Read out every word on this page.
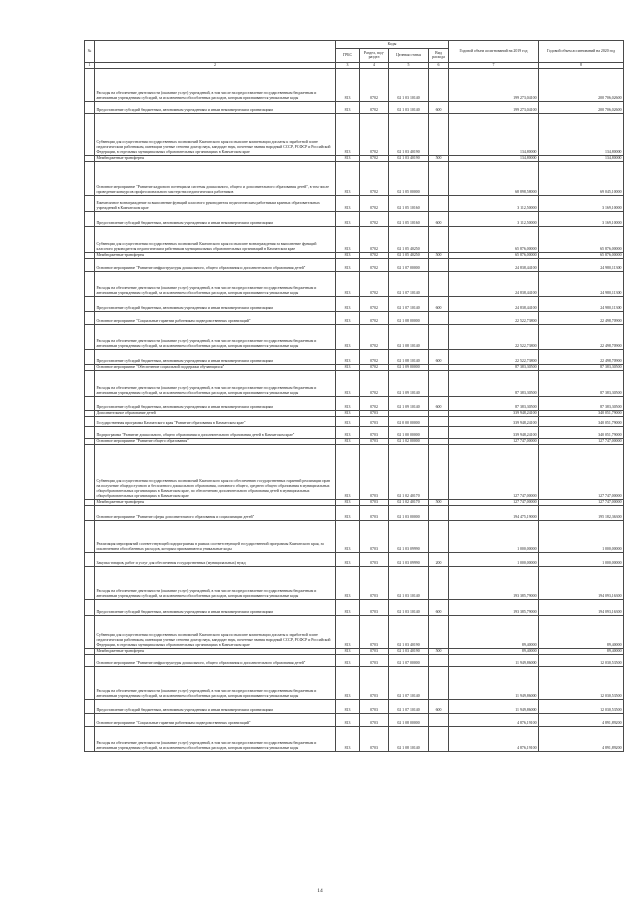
№		Коды				Годовой объем ассигнований на 2019 год	Годовой объем ассигнований на 2020 год
		ГРБС	Раздел, под-раздел	Целевая статья	Вид расхода		
1	2	3	4	5	6	7	8
	Расходы на обеспечение деятельности (оказание услуг) учреждений, в том числе на предоставление государственным бюджетным и автономным учреждениям субсидий, за исключением обособленных расходов, которым присваиваются уникальные коды	813	0702	02 1 03 10140		199 273,04100	200 706,02600
	Предоставление субсидий бюджетным, автономным учреждениям и иным некоммерческим организациям	813	0702	02 1 03 10140	600	199 273,04100	200 706,02600
	Субвенции для осуществления государственных полномочий Камчатского края по выплате компенсации доплаты к заработной плате педагогическим работникам, имеющим ученые степени доктор наук, кандидат наук, почетные звания народный СССР, РСФСР и Российской Федерации, в отдельных муниципальных образовательных организациях в Камчатском крае	813	0702	02 1 03 40190		134,80000	134,80000
	Межбюджетные трансферты	813	0702	02 1 03 40190	500	134,80000	134,80000
	Основное мероприятие "Развитие кадрового потенциала системы дошкольного, общего и дополнительного образования детей", в том числе проведение конкурсов профессионального мастерства педагогических работников	813	0702	02 1 05 00000		68 898,58000	69 045,10000
	Ежемесячное вознаграждение за выполнение функций классного руководителя педагогическим работникам краевых образовательных учреждений в Камчатском крае	813	0702	02 1 05 10160		3 112,50000	3 169,10000
	Предоставление субсидий бюджетным, автономным учреждениям и иным некоммерческим организациям	813	0702	02 1 05 10160	600	3 112,50000	3 169,10000
	Субвенции для осуществления государственных полномочий Камчатского края по выплате вознаграждения за выполнение функций классного руководителя педагогическим работникам муниципальных образовательных организаций в Камчатском крае	813	0702	02 1 05 40250		65 876,00000	65 876,00000
	Межбюджетные трансферты	813	0702	02 1 05 40250	500	65 876,00000	65 876,00000
	Основное мероприятие "Развитие инфраструктуры дошкольного, общего образования и дополнительного образования детей"	813	0702	02 1 07 00000		24 838,44100	24 980,11300
	Расходы на обеспечение деятельности (оказание услуг) учреждений, в том числе на предоставление государственным бюджетным и автономным учреждениям субсидий, за исключением обособленных расходов, которым присваиваются уникальные коды	813	0702	02 1 07 10140		24 838,44100	24 980,11300
	Предоставление субсидий бюджетным, автономным учреждениям и иным некоммерческим организациям	813	0702	02 1 07 10140	600	24 838,44100	24 980,11300
	Основное мероприятие "Социальные гарантии работникам подведомственных организаций"	813	0702	02 1 08 00000		22 522,73800	22 498,70900
	Расходы на обеспечение деятельности (оказание услуг) учреждений, в том числе на предоставление государственным бюджетным и автономным учреждениям субсидий, за исключением обособленных расходов, которым присваиваются уникальные коды	813	0702	02 1 08 10140		22 522,73800	22 498,70900
	Предоставление субсидий бюджетным, автономным учреждениям и иным некоммерческим организациям	813	0702	02 1 08 10140	600	22 522,73800	22 498,70900
	Основное мероприятие "Обеспечение социальной поддержки обучающихся"	813	0702	02 1 09 00000		87 383,30500	87 383,30500
	Расходы на обеспечение деятельности (оказание услуг) учреждений, в том числе на предоставление государственным бюджетным и автономным учреждениям субсидий, за исключением обособленных расходов, которым присваиваются уникальные коды	813	0702	02 1 09 10140		87 383,30500	87 383,30500
	Предоставление субсидий бюджетным, автономным учреждениям и иным некоммерческим организациям	813	0702	02 1 09 10140	600	87 383,30500	87 383,30500
	Дополнительное образование детей	813	0703			339 948,24100	340 051,79000
	Государственная программа Камчатского края "Развитие образования в Камчатском крае"	813	0703	02 0 00 00000		339 948,24100	340 051,79000
	Подпрограмма "Развитие дошкольного, общего образования и дополнительного образования детей в Камчатском крае"	813	0703	02 1 00 00000		339 948,24100	340 051,79000
	Основное мероприятие "Развитие общего образования"	813	0703	02 1 02 00000		127 747,00000	127 747,00000
	Субвенции для осуществления государственных полномочий Камчатского края по обеспечению государственных гарантий реализации прав на получение общедоступного и бесплатного дошкольного образования, основного общего, среднего общего образования в муниципальных общеобразовательных организациях в Камчатском крае, по обеспечению дополнительного образования детей в муниципальных общеобразовательных организациях в Камчатском крае	813	0703	02 1 02 40170		127 747,00000	127 747,00000
	Межбюджетные трансферты	813	0703	02 1 02 40170	500	127 747,00000	127 747,00000
	Основное мероприятие "Развитие сферы дополнительного образования и социализации детей"	813	0703	02 1 03 00000		194 475,19000	195 182,36300
	Реализация мероприятий соответствующей подпрограммы в рамках соответствующей государственной программы Камчатского края, за исключением обособленных расходов, которым присваиваются уникальные коды	813	0703	02 1 03 09990		1 000,00000	1 000,00000
	Закупка товаров, работ и услуг для обеспечения государственных (муниципальных) нужд	813	0703	02 1 03 09990	200	1 000,00000	1 000,00000
	Расходы на обеспечение деятельности (оказание услуг) учреждений, в том числе на предоставление государственным бюджетным и автономным учреждениям субсидий, за исключением обособленных расходов, которым присваиваются уникальные коды	813	0703	02 1 03 10140		193 385,79000	194 093,16300
	Предоставление субсидий бюджетным, автономным учреждениям и иным некоммерческим организациям	813	0703	02 1 03 10140	600	193 385,79000	194 093,16300
	Субвенции для осуществления государственных полномочий Камчатского края по выплате компенсации доплаты к заработной плате педагогическим работникам, имеющим ученые степени доктор наук, кандидат наук, почетные звания народный СССР, РСФСР и Российской Федерации, в отдельных муниципальных образовательных организациях в Камчатском крае	813	0703	02 1 03 40190		89,40000	89,40000
	Межбюджетные трансферты	813	0703	02 1 03 40190	500	89,40000	89,40000
	Основное мероприятие "Развитие инфраструктуры дошкольного, общего образования и дополнительного образования детей"	813	0703	02 1 07 00000		11 949,86000	12 030,53500
	Расходы на обеспечение деятельности (оказание услуг) учреждений, в том числе на предоставление государственным бюджетным и автономным учреждениям субсидий, за исключением обособленных расходов, которым присваиваются уникальные коды	813	0703	02 1 07 10140		11 949,86000	12 030,53500
	Предоставление субсидий бюджетным, автономным учреждениям и иным некоммерческим организациям	813	0703	02 1 07 10140	600	11 949,86000	12 030,53500
	Основное мероприятие "Социальные гарантии работникам подведомственных организаций"	813	0703	02 1 08 00000		4 876,19100	4 891,89200
	Расходы на обеспечение деятельности (оказание услуг) учреждений, в том числе на предоставление государственным бюджетным и автономным учреждениям субсидий, за исключением обособленных расходов, которым присваиваются уникальные коды	813	0703	02 1 08 10140		4 876,19100	4 891,89200
14
